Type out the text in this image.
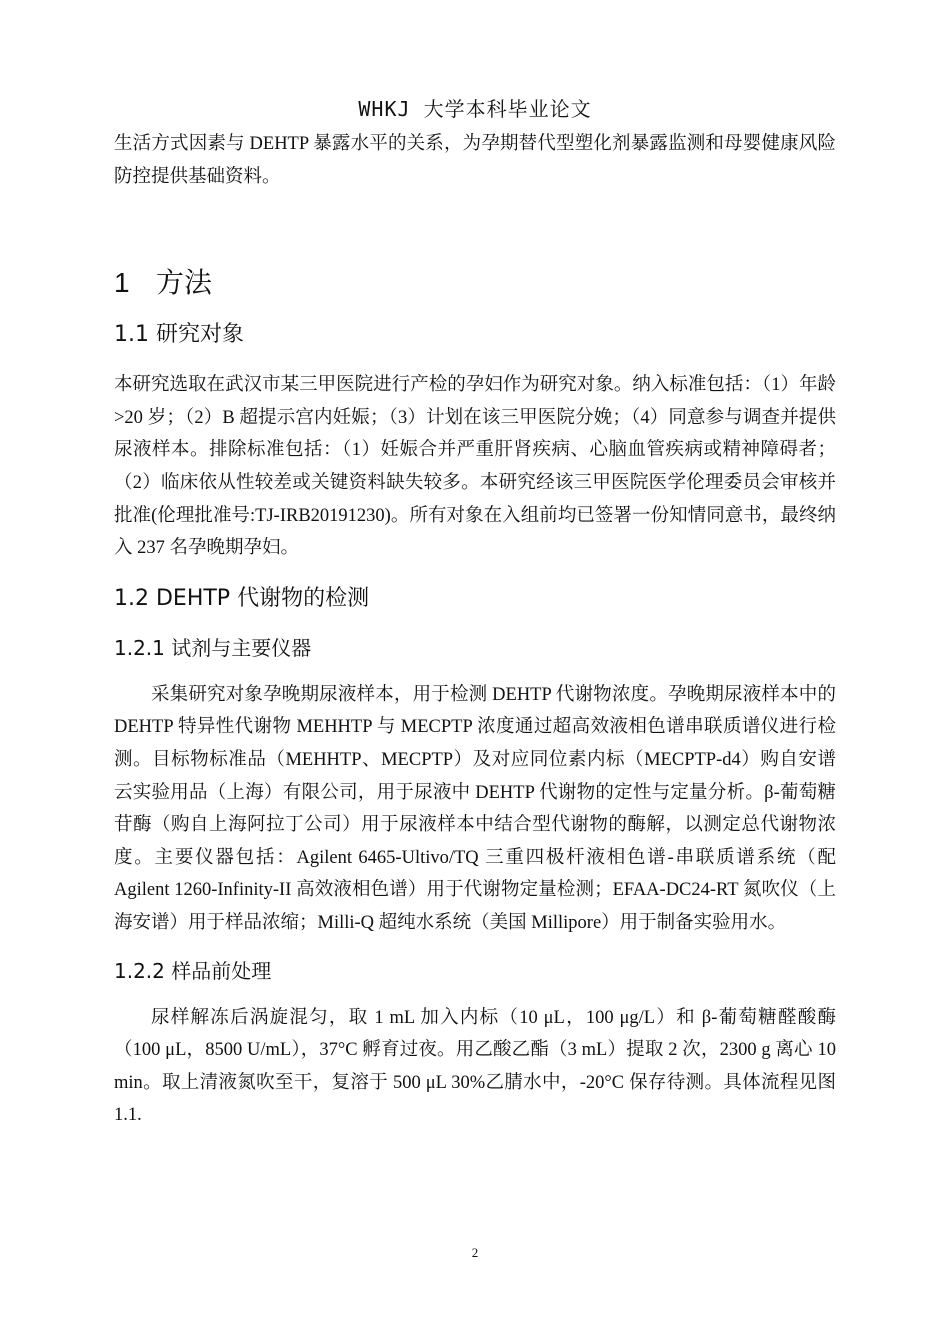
WHKJ 大学本科毕业论文

生活方式因素与 DEHTP 暴露水平的关系，为孕期替代型塑化剂暴露监测和母婴健康风险防控提供基础资料。

1 方法
1.1 研究对象

本研究选取在武汉市某三甲医院进行产检的孕妇作为研究对象。纳入标准包括：（1）年龄>20 岁；（2）B 超提示宫内妊娠；（3）计划在该三甲医院分娩；（4）同意参与调查并提供尿液样本。排除标准包括：（1）妊娠合并严重肝肾疾病、心脑血管疾病或精神障碍者；（2）临床依从性较差或关键资料缺失较多。本研究经该三甲医院医学伦理委员会审核并批准(伦理批准号:TJ-IRB20191230)。所有对象在入组前均已签署一份知情同意书，最终纳入 237 名孕晚期孕妇。

1.2 DEHTP 代谢物的检测
1.2.1 试剂与主要仪器

采集研究对象孕晚期尿液样本，用于检测 DEHTP 代谢物浓度。孕晚期尿液样本中的 DEHTP 特异性代谢物 MEHHTP 与 MECPTP 浓度通过超高效液相色谱串联质谱仪进行检测。目标物标准品（MEHHTP、MECPTP）及对应同位素内标（MECPTP-d4）购自安谱云实验用品（上海）有限公司，用于尿液中 DEHTP 代谢物的定性与定量分析。β-葡萄糖苷酶（购自上海阿拉丁公司）用于尿液样本中结合型代谢物的酶解，以测定总代谢物浓度。主要仪器包括：Agilent 6465-Ultivo/TQ 三重四极杆液相色谱-串联质谱系统（配 Agilent 1260-Infinity-II 高效液相色谱）用于代谢物定量检测；EFAA-DC24-RT 氮吹仪（上海安谱）用于样品浓缩；Milli-Q 超纯水系统（美国 Millipore）用于制备实验用水。

1.2.2 样品前处理

尿样解冻后涡旋混匀，取 1 mL 加入内标（10 μL，100 μg/L）和 β-葡萄糖醛酸酶（100 μL，8500 U/mL），37°C 孵育过夜。用乙酸乙酯（3 mL）提取 2 次，2300 g 离心 10 min。取上清液氮吹至干，复溶于 500 μL 30%乙腈水中，-20°C 保存待测。具体流程见图 1.1.

2
